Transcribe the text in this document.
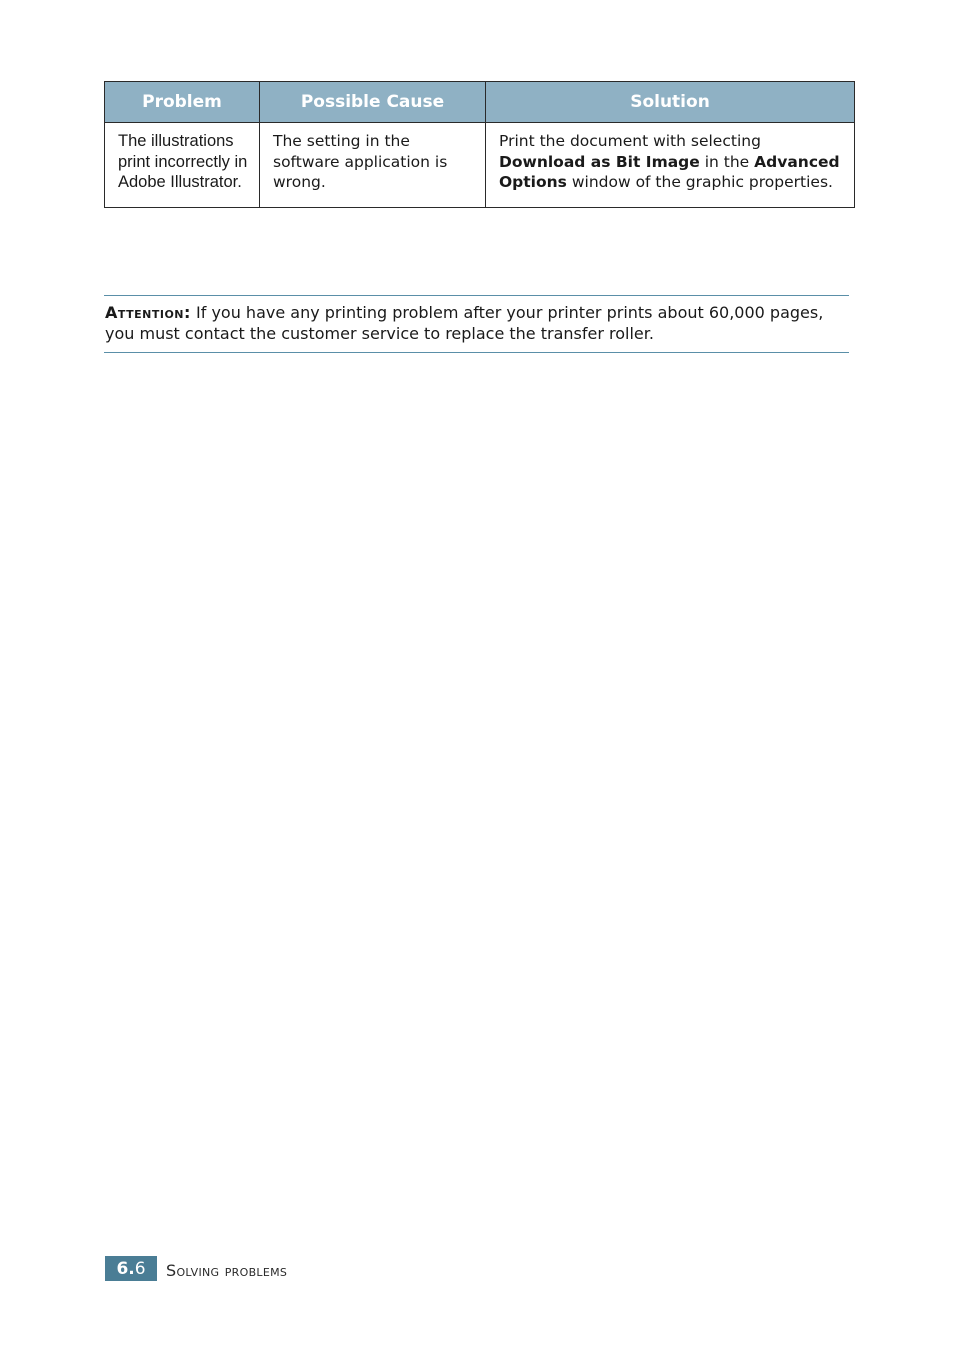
Problem	Possible Cause	Solution
The illustrations print incorrectly in Adobe Illustrator.	The setting in the software application is wrong.	Print the document with selecting Download as Bit Image in the Advanced Options window of the graphic properties.
Attention: If you have any printing problem after your printer prints about 60,000 pages, you must contact the customer service to replace the transfer roller.
6. 6 Solving problems
